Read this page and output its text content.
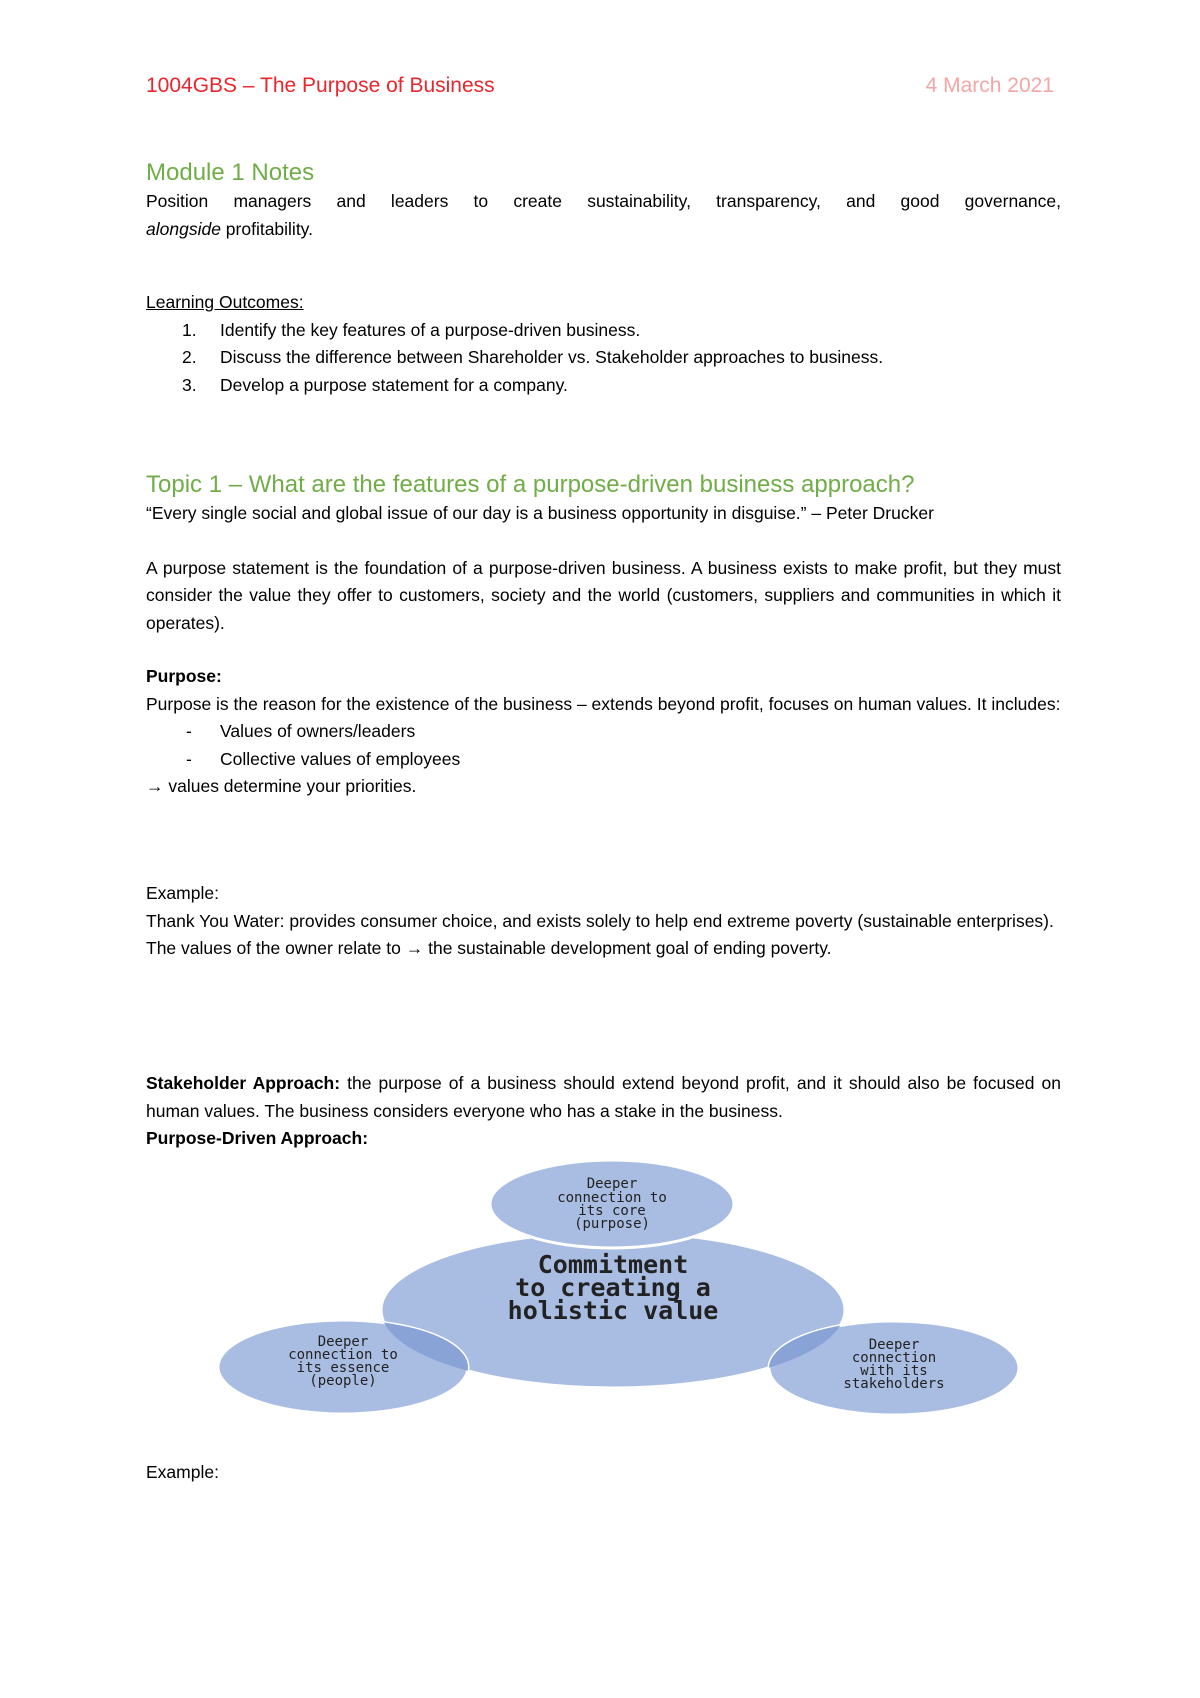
1004GBS – The Purpose of Business	4 March 2021
Module 1 Notes
Position managers and leaders to create sustainability, transparency, and good governance,
alongside profitability.
Learning Outcomes:
1. Identify the key features of a purpose-driven business.
2. Discuss the difference between Shareholder vs. Stakeholder approaches to business.
3. Develop a purpose statement for a company.
Topic 1 – What are the features of a purpose-driven business approach?
“Every single social and global issue of our day is a business opportunity in disguise.” – Peter Drucker
A purpose statement is the foundation of a purpose-driven business. A business exists to make profit, but they must consider the value they offer to customers, society and the world (customers, suppliers and communities in which it operates).
Purpose:
Purpose is the reason for the existence of the business – extends beyond profit, focuses on human values. It includes:
- Values of owners/leaders
- Collective values of employees
→ values determine your priorities.
Example:
Thank You Water: provides consumer choice, and exists solely to help end extreme poverty (sustainable enterprises).
The values of the owner relate to → the sustainable development goal of ending poverty.
Stakeholder Approach: the purpose of a business should extend beyond profit, and it should also be focused on human values. The business considers everyone who has a stake in the business.
Purpose-Driven Approach:
Commitment
to creating a
holistic value
Deeper
connection to
its core
(purpose)
Deeper
connection to
its essence
(people)
Deeper
connection
with its
stakeholders
Example:
